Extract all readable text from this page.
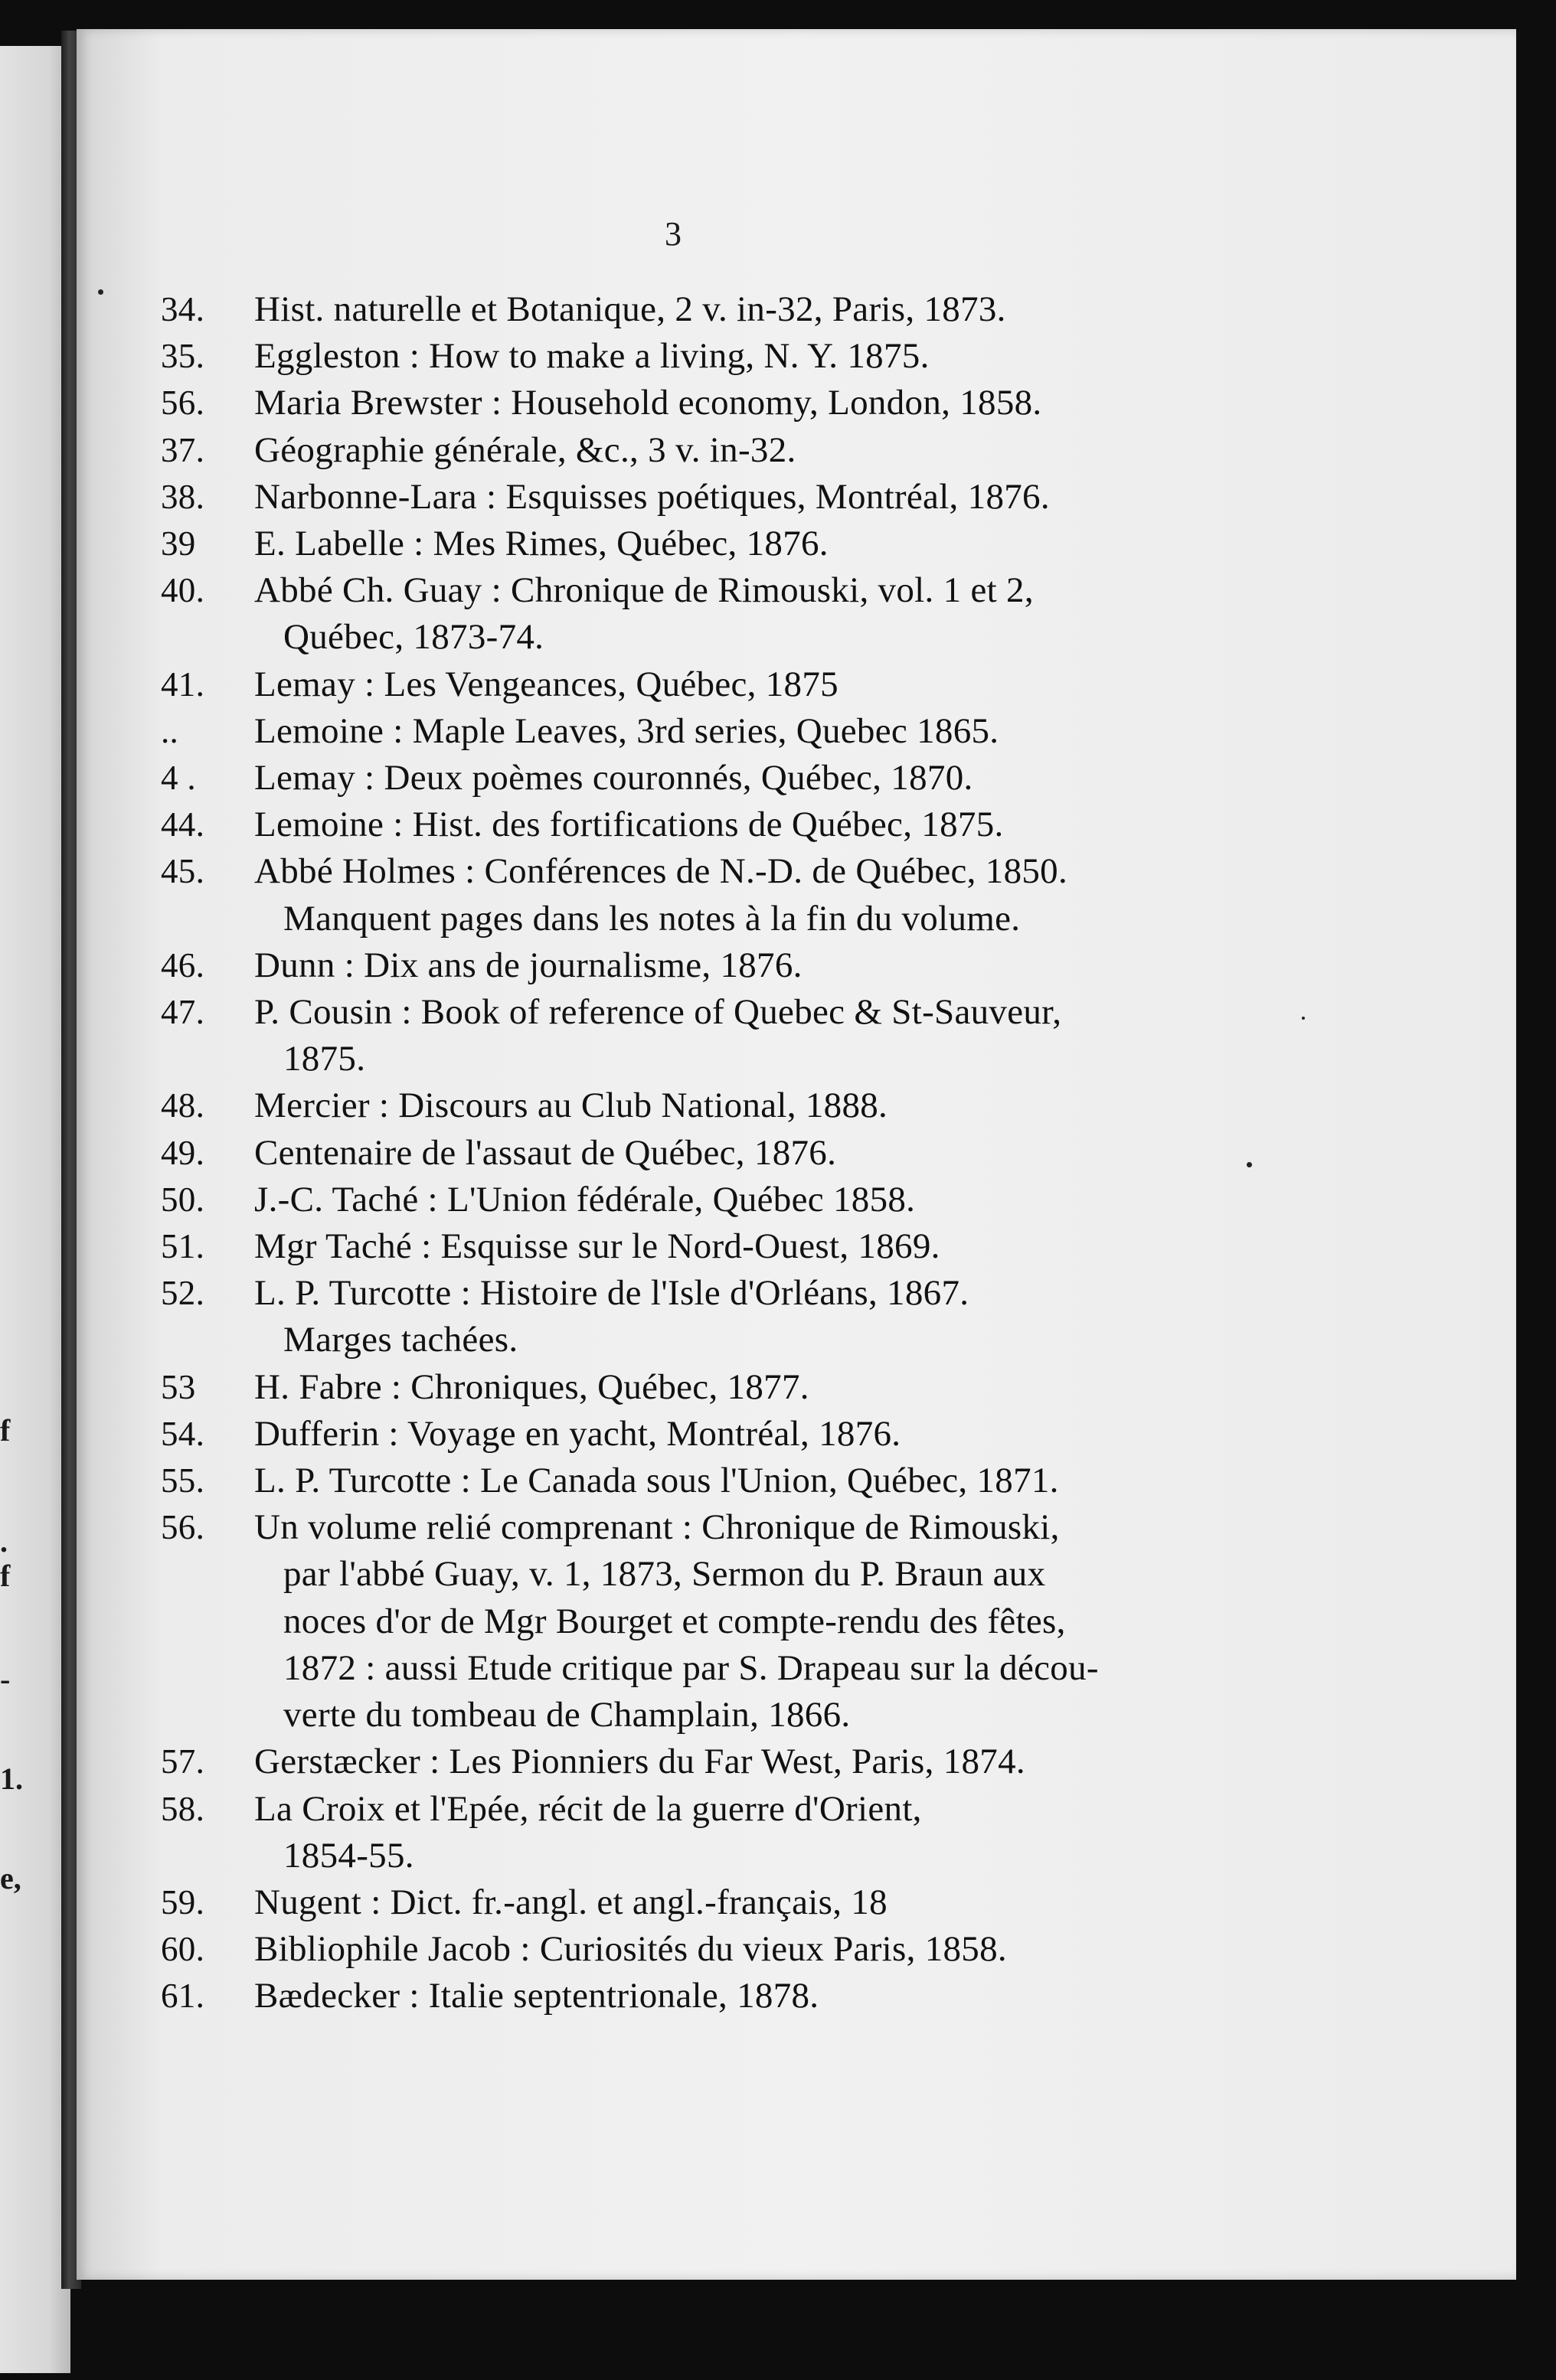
f
.
f
-
1.
e,
3
34.	Hist. naturelle et Botanique, 2 v. in-32, Paris, 1873.
35.	Eggleston : How to make a living, N. Y. 1875.
56.	Maria Brewster : Household economy, London, 1858.
37.	Géographie générale, &c., 3 v. in-32.
38.	Narbonne-Lara : Esquisses poétiques, Montréal, 1876.
39	E. Labelle : Mes Rimes, Québec, 1876.
40.	Abbé Ch. Guay : Chronique de Rimouski, vol. 1 et 2,
Québec, 1873-74.
41.	Lemay : Les Vengeances, Québec, 1875
..	Lemoine : Maple Leaves, 3rd series, Quebec 1865.
4 .	Lemay : Deux poèmes couronnés, Québec, 1870.
44.	Lemoine : Hist. des fortifications de Québec, 1875.
45.	Abbé Holmes : Conférences de N.-D. de Québec, 1850.
Manquent pages dans les notes à la fin du volume.
46.	Dunn : Dix ans de journalisme, 1876.
47.	P. Cousin : Book of reference of Quebec & St-Sauveur,
1875.
48.	Mercier : Discours au Club National, 1888.
49.	Centenaire de l'assaut de Québec, 1876.
50.	J.-C. Taché : L'Union fédérale, Québec 1858.
51.	Mgr Taché : Esquisse sur le Nord-Ouest, 1869.
52.	L. P. Turcotte : Histoire de l'Isle d'Orléans, 1867.
Marges tachées.
53	H. Fabre : Chroniques, Québec, 1877.
54.	Dufferin : Voyage en yacht, Montréal, 1876.
55.	L. P. Turcotte : Le Canada sous l'Union, Québec, 1871.
56.	Un volume relié comprenant : Chronique de Rimouski,
par l'abbé Guay, v. 1, 1873, Sermon du P. Braun aux
noces d'or de Mgr Bourget et compte-rendu des fêtes,
1872 : aussi Etude critique par S. Drapeau sur la décou-
verte du tombeau de Champlain, 1866.
57.	Gerstæcker : Les Pionniers du Far West, Paris, 1874.
58.	La Croix et l'Epée, récit de la guerre d'Orient,
1854-55.
59.	Nugent : Dict. fr.-angl. et angl.-français, 18
60.	Bibliophile Jacob : Curiosités du vieux Paris, 1858.
61.	Bædecker : Italie septentrionale, 1878.
